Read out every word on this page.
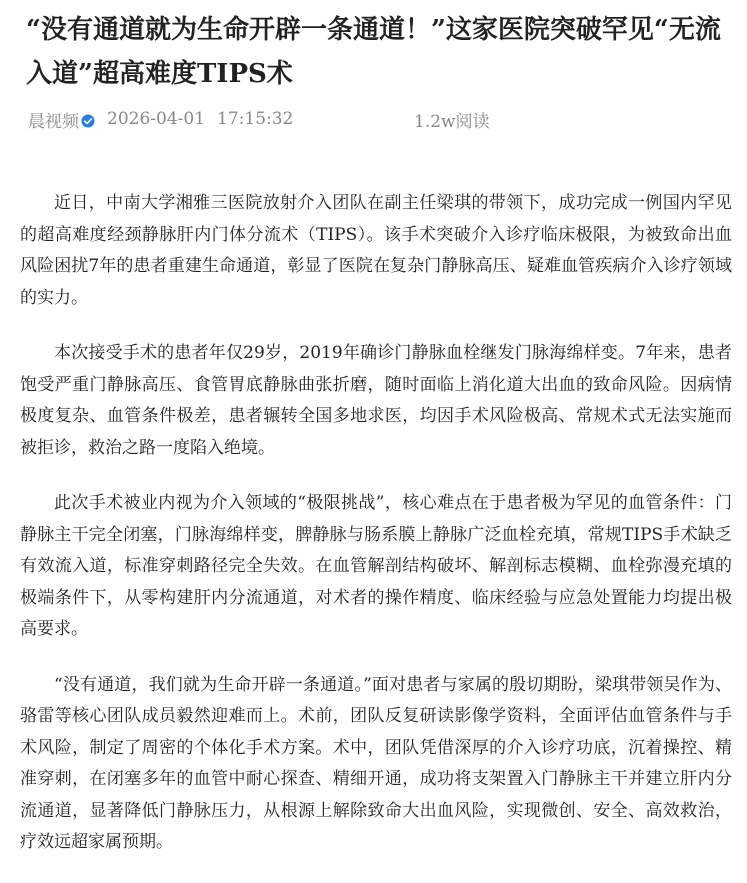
“没有通道就为生命开辟一条通道！”这家医院突破罕见“无流入道”超高难度TIPS术
晨视频 2026-04-01 17:15:32	1.2w阅读

近日，中南大学湘雅三医院放射介入团队在副主任梁琪的带领下，成功完成一例国内罕见的超高难度经颈静脉肝内门体分流术（TIPS）。该手术突破介入诊疗临床极限，为被致命出血风险困扰7年的患者重建生命通道，彰显了医院在复杂门静脉高压、疑难血管疾病介入诊疗领域的实力。

本次接受手术的患者年仅29岁，2019年确诊门静脉血栓继发门脉海绵样变。7年来，患者饱受严重门静脉高压、食管胃底静脉曲张折磨，随时面临上消化道大出血的致命风险。因病情极度复杂、血管条件极差，患者辗转全国多地求医，均因手术风险极高、常规术式无法实施而被拒诊，救治之路一度陷入绝境。

此次手术被业内视为介入领域的“极限挑战”，核心难点在于患者极为罕见的血管条件：门静脉主干完全闭塞，门脉海绵样变，脾静脉与肠系膜上静脉广泛血栓充填，常规TIPS手术缺乏有效流入道，标准穿刺路径完全失效。在血管解剖结构破坏、解剖标志模糊、血栓弥漫充填的极端条件下，从零构建肝内分流通道，对术者的操作精度、临床经验与应急处置能力均提出极高要求。

“没有通道，我们就为生命开辟一条通道。”面对患者与家属的殷切期盼，梁琪带领吴作为、骆雷等核心团队成员毅然迎难而上。术前，团队反复研读影像学资料，全面评估血管条件与手术风险，制定了周密的个体化手术方案。术中，团队凭借深厚的介入诊疗功底，沉着操控、精准穿刺，在闭塞多年的血管中耐心探查、精细开通，成功将支架置入门静脉主干并建立肝内分流通道，显著降低门静脉压力，从根源上解除致命大出血风险，实现微创、安全、高效救治，疗效远超家属预期。
